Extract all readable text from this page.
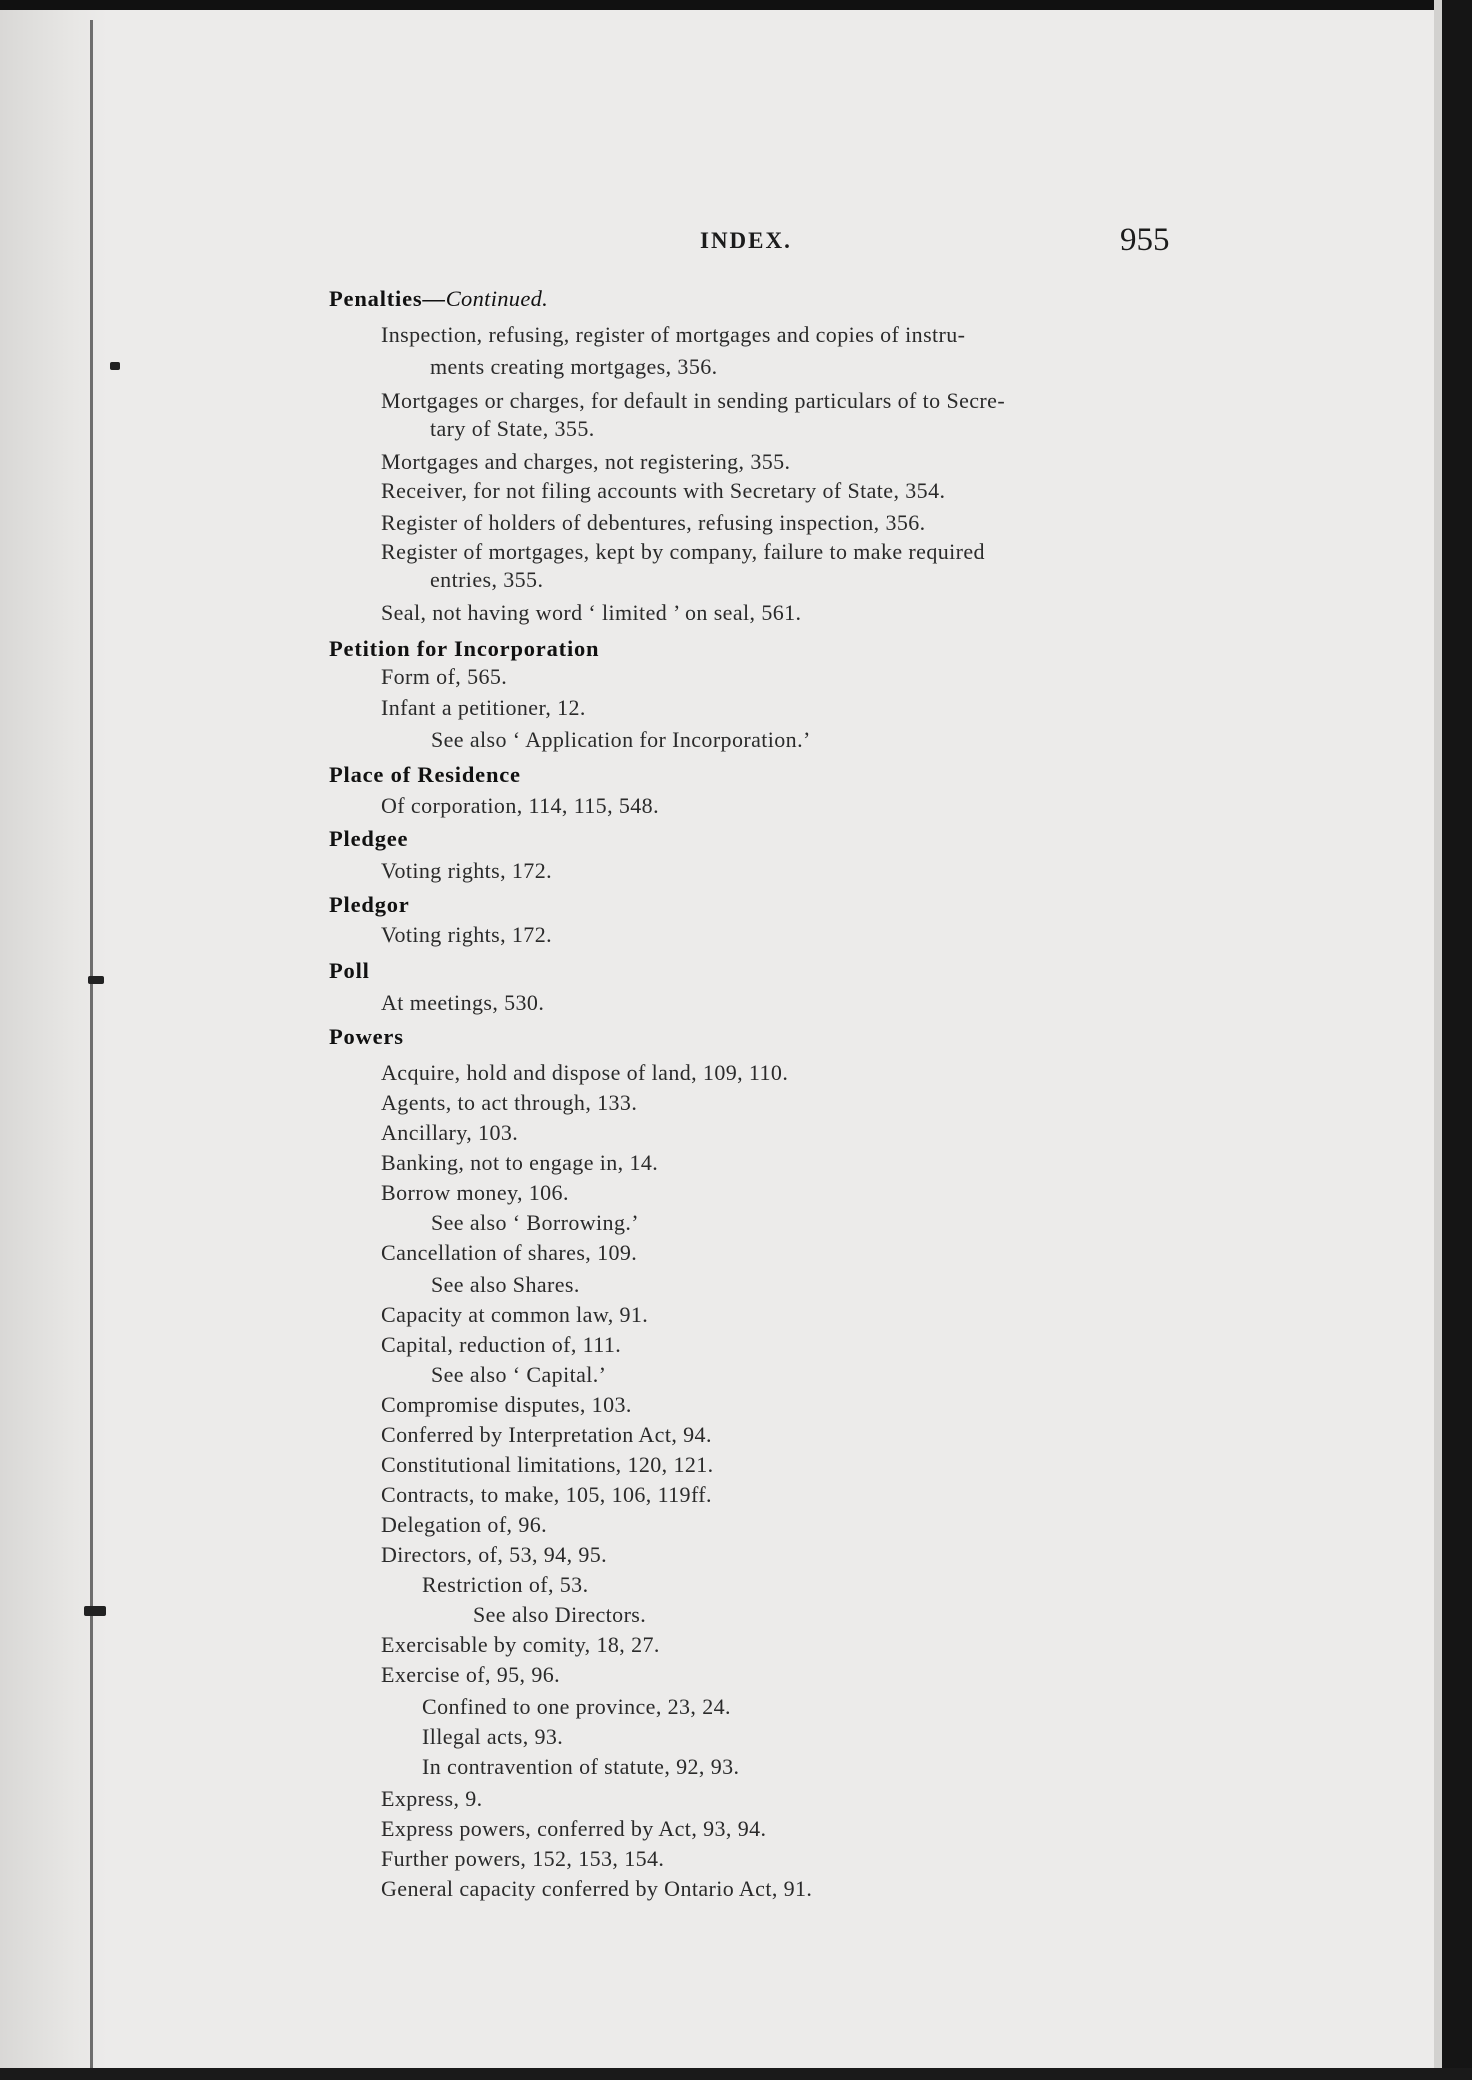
INDEX.	955
Penalties—Continued.
Inspection, refusing, register of mortgages and copies of instru-
ments creating mortgages, 356.
Mortgages or charges, for default in sending particulars of to Secre-
tary of State, 355.
Mortgages and charges, not registering, 355.
Receiver, for not filing accounts with Secretary of State, 354.
Register of holders of debentures, refusing inspection, 356.
Register of mortgages, kept by company, failure to make required
entries, 355.
Seal, not having word ‘ limited ’ on seal, 561.
Petition for Incorporation
Form of, 565.
Infant a petitioner, 12.
See also ‘ Application for Incorporation.’
Place of Residence
Of corporation, 114, 115, 548.
Pledgee
Voting rights, 172.
Pledgor
Voting rights, 172.
Poll
At meetings, 530.
Powers
Acquire, hold and dispose of land, 109, 110.
Agents, to act through, 133.
Ancillary, 103.
Banking, not to engage in, 14.
Borrow money, 106.
See also ‘ Borrowing.’
Cancellation of shares, 109.
See also Shares.
Capacity at common law, 91.
Capital, reduction of, 111.
See also ‘ Capital.’
Compromise disputes, 103.
Conferred by Interpretation Act, 94.
Constitutional limitations, 120, 121.
Contracts, to make, 105, 106, 119ff.
Delegation of, 96.
Directors, of, 53, 94, 95.
Restriction of, 53.
See also Directors.
Exercisable by comity, 18, 27.
Exercise of, 95, 96.
Confined to one province, 23, 24.
Illegal acts, 93.
In contravention of statute, 92, 93.
Express, 9.
Express powers, conferred by Act, 93, 94.
Further powers, 152, 153, 154.
General capacity conferred by Ontario Act, 91.
